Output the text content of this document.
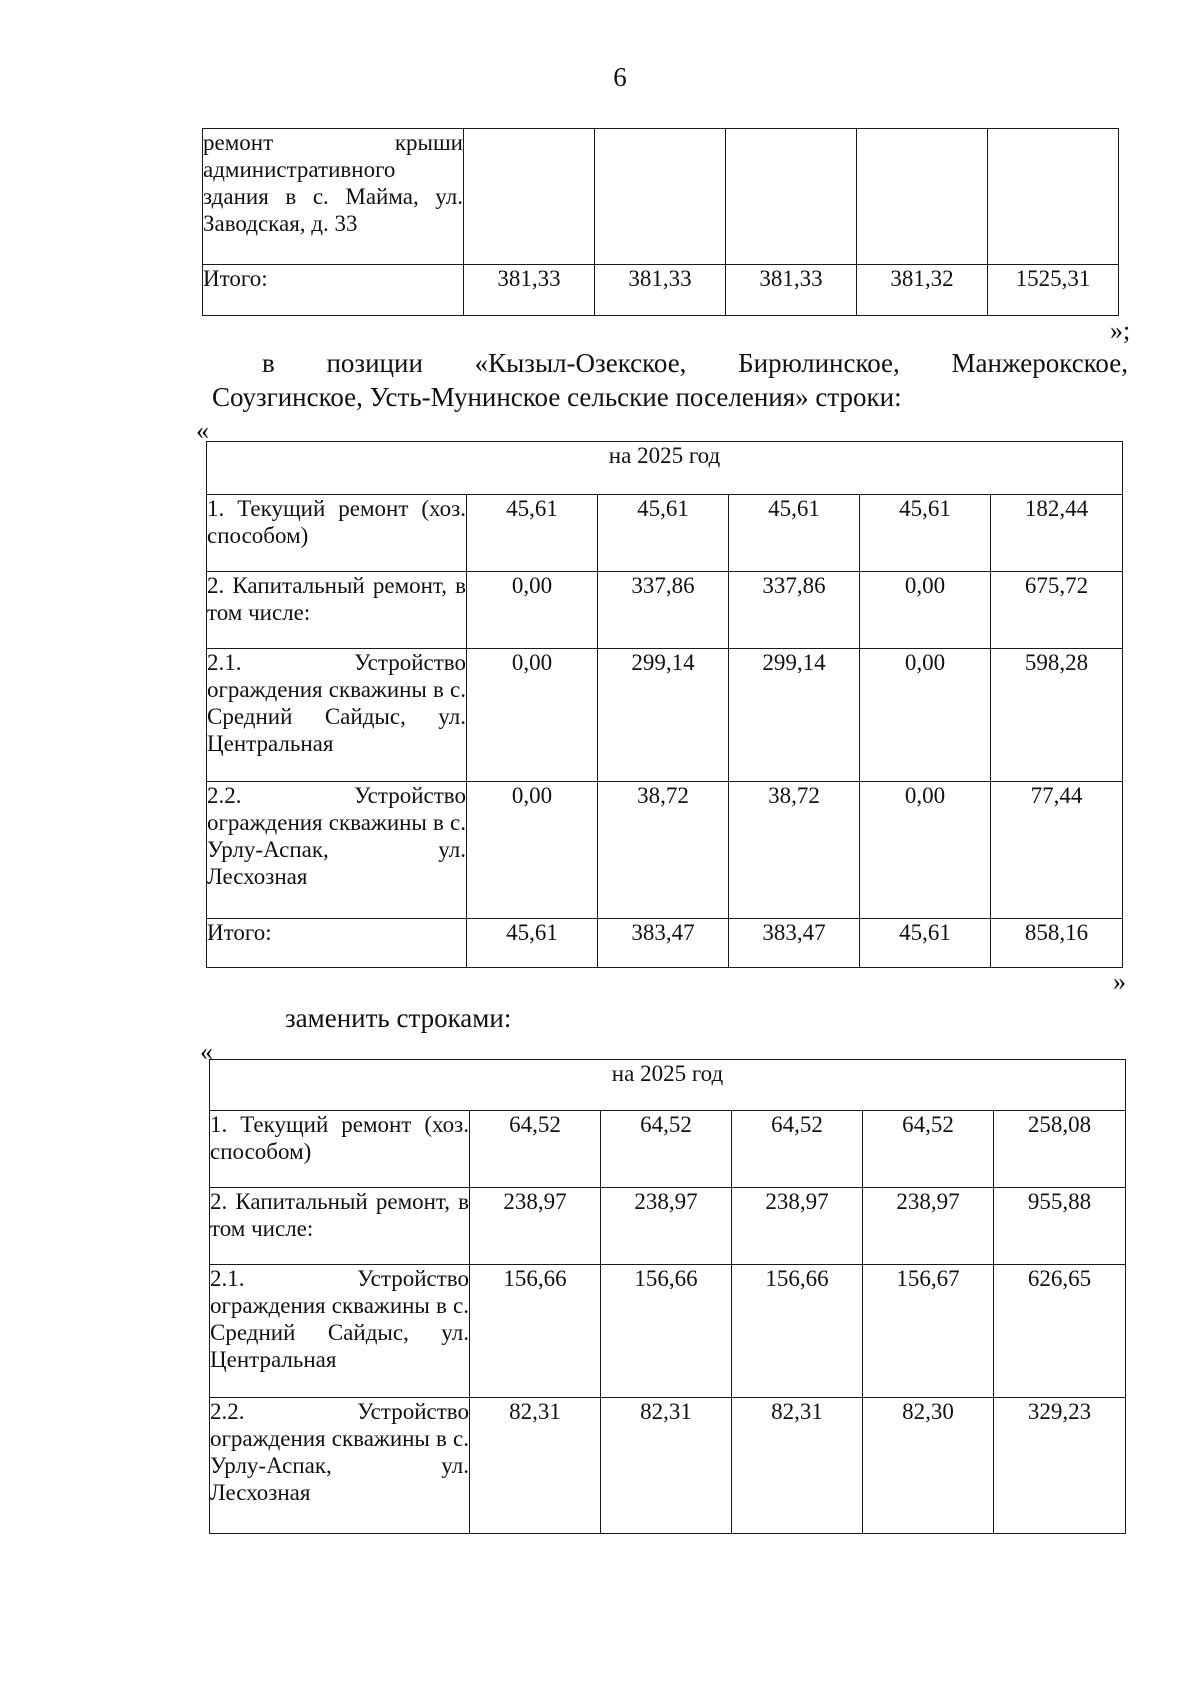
6
ремонт крыши административного здания в с. Майма, ул. Заводская, д. 33					
Итого:	381,33	381,33	381,33	381,32	1525,31
»;
в позиции «Кызыл-Озекское, Бирюлинское, Манжерокское,
Соузгинское, Усть-Мунинское сельские поселения» строки:
«
на 2025 год					
1. Текущий ремонт (хоз. способом)	45,61	45,61	45,61	45,61	182,44
2. Капитальный ремонт, в том числе:	0,00	337,86	337,86	0,00	675,72
2.1. Устройство ограждения скважины в с. Средний Сайдыс, ул. Центральная	0,00	299,14	299,14	0,00	598,28
2.2. Устройство ограждения скважины в с. Урлу-Аспак, ул. Лесхозная	0,00	38,72	38,72	0,00	77,44
Итого:	45,61	383,47	383,47	45,61	858,16
»
заменить строками:
«
на 2025 год					
1. Текущий ремонт (хоз. способом)	64,52	64,52	64,52	64,52	258,08
2. Капитальный ремонт, в том числе:	238,97	238,97	238,97	238,97	955,88
2.1. Устройство ограждения скважины в с. Средний Сайдыс, ул. Центральная	156,66	156,66	156,66	156,67	626,65
2.2. Устройство ограждения скважины в с. Урлу-Аспак, ул. Лесхозная	82,31	82,31	82,31	82,30	329,23
